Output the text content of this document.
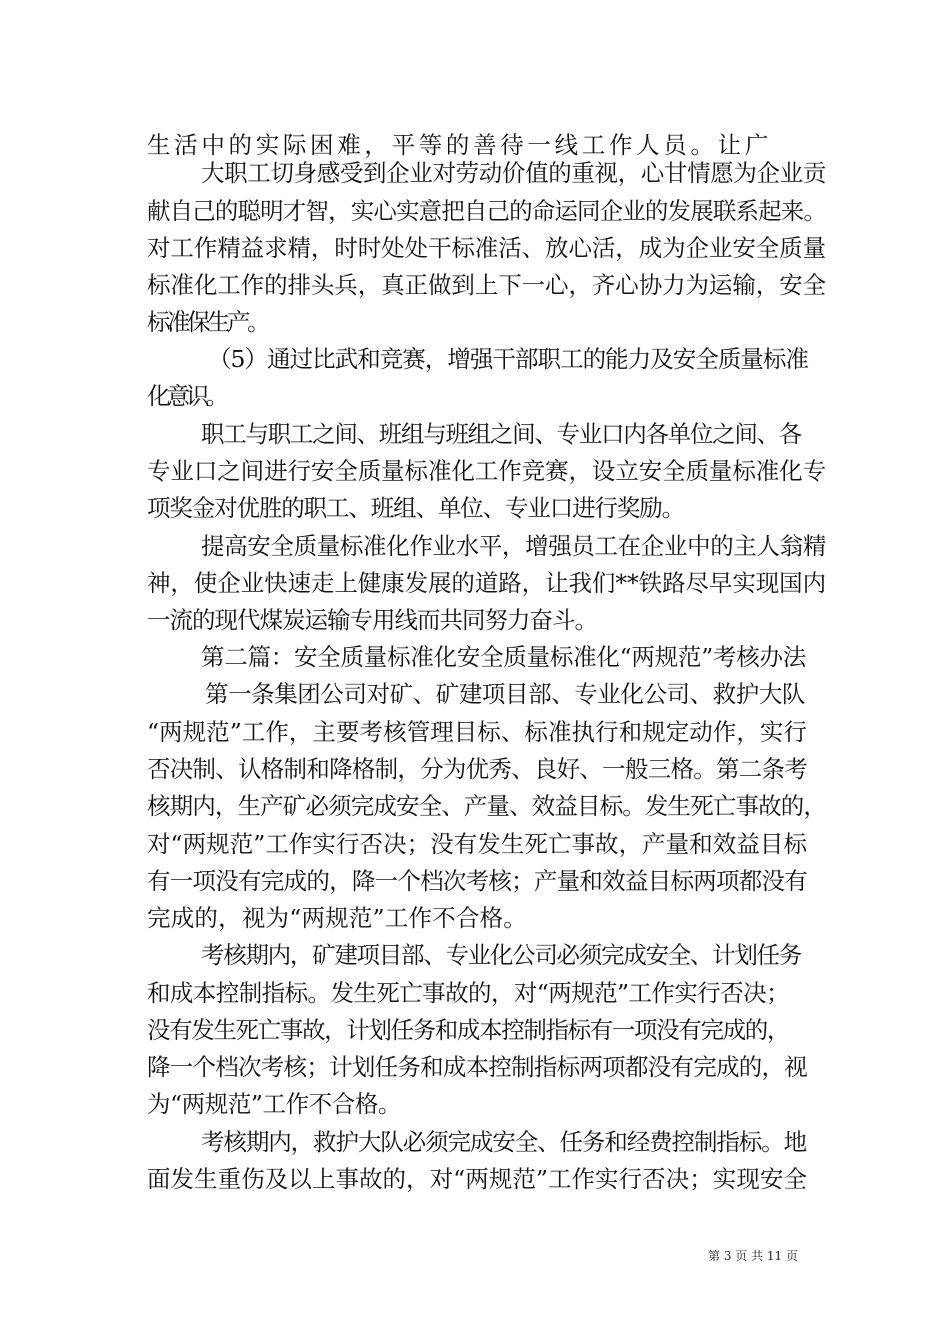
生活中的实际困难，平等的善待一线工作人员。让广
大职工切身感受到企业对劳动价值的重视，心甘情愿为企业贡
献自己的聪明才智，实心实意把自己的命运同企业的发展联系起来。
对工作精益求精，时时处处干标准活、放心活，成为企业安全质量
标准化工作的排头兵，真正做到上下一心，齐心协力为运输，安全
标准保生产。
（5）通过比武和竞赛，增强干部职工的能力及安全质量标准
化意识。
职工与职工之间、班组与班组之间、专业口内各单位之间、各
专业口之间进行安全质量标准化工作竞赛，设立安全质量标准化专
项奖金对优胜的职工、班组、单位、专业口进行奖励。
提高安全质量标准化作业水平，增强员工在企业中的主人翁精
神，使企业快速走上健康发展的道路，让我们**铁路尽早实现国内
一流的现代煤炭运输专用线而共同努力奋斗。
第二篇：安全质量标准化安全质量标准化“两规范”考核办法
第一条集团公司对矿、矿建项目部、专业化公司、救护大队
“两规范”工作，主要考核管理目标、标准执行和规定动作，实行
否决制、认格制和降格制，分为优秀、良好、一般三格。第二条考
核期内，生产矿必须完成安全、产量、效益目标。发生死亡事故的，
对“两规范”工作实行否决；没有发生死亡事故，产量和效益目标
有一项没有完成的，降一个档次考核；产量和效益目标两项都没有
完成的，视为“两规范”工作不合格。
考核期内，矿建项目部、专业化公司必须完成安全、计划任务
和成本控制指标。发生死亡事故的，对“两规范”工作实行否决；
没有发生死亡事故，计划任务和成本控制指标有一项没有完成的，
降一个档次考核；计划任务和成本控制指标两项都没有完成的，视
为“两规范”工作不合格。
考核期内，救护大队必须完成安全、任务和经费控制指标。地
面发生重伤及以上事故的，对“两规范”工作实行否决；实现安全
第 3 页 共 11 页
